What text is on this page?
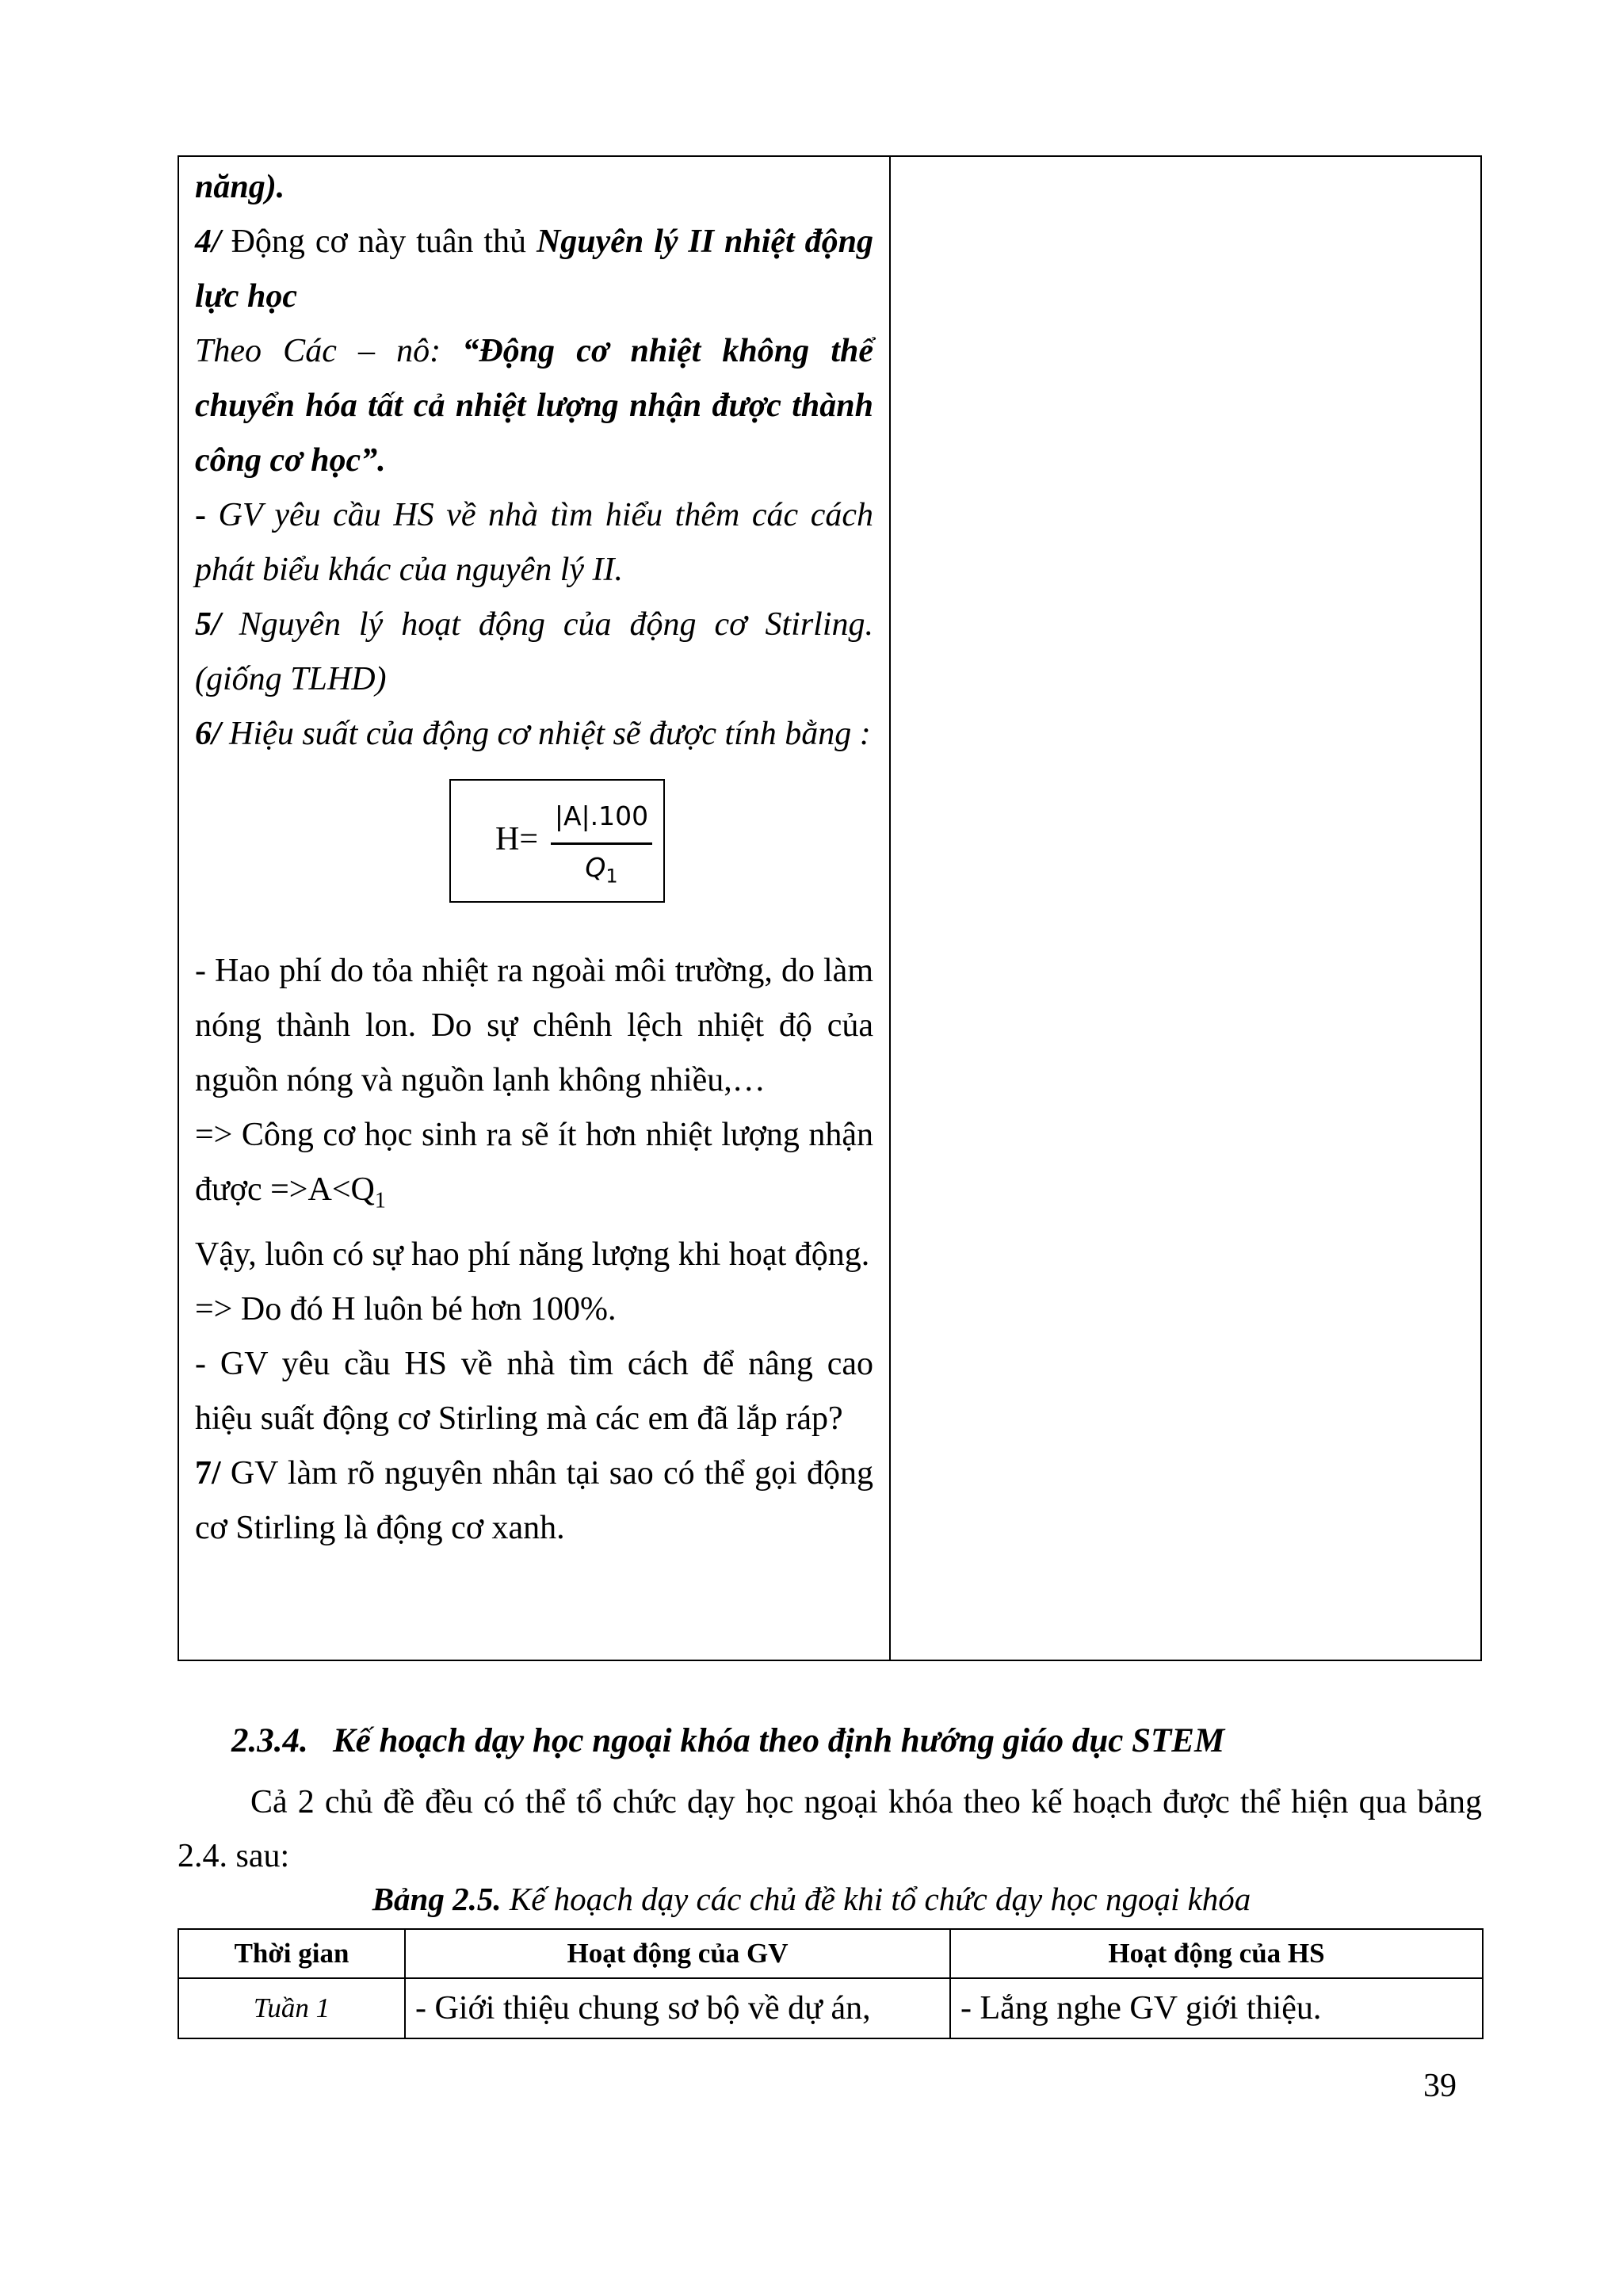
năng).

4/ Động cơ này tuân thủ Nguyên lý II nhiệt động lực học

Theo Các – nô: “Động cơ nhiệt không thể chuyển hóa tất cả nhiệt lượng nhận được thành công cơ học”.

- GV yêu cầu HS về nhà tìm hiểu thêm các cách phát biểu khác của nguyên lý II.

5/ Nguyên lý hoạt động của động cơ Stirling. (giống TLHD)

6/ Hiệu suất của động cơ nhiệt sẽ được tính bằng :

H=
|A|.100
$Q_1$

- Hao phí do tỏa nhiệt ra ngoài môi trường, do làm nóng thành lon. Do sự chênh lệch nhiệt độ của nguồn nóng và nguồn lạnh không nhiều,…

=> Công cơ học sinh ra sẽ ít hơn nhiệt lượng nhận được $=>A<Q_1$

Vậy, luôn có sự hao phí năng lượng khi hoạt động.

=> Do đó H luôn bé hơn 100%.

- GV yêu cầu HS về nhà tìm cách để nâng cao hiệu suất động cơ Stirling mà các em đã lắp ráp?

7/ GV làm rõ nguyên nhân tại sao có thể gọi động cơ Stirling là động cơ xanh.

2.3.4. Kế hoạch dạy học ngoại khóa theo định hướng giáo dục STEM

Cả 2 chủ đề đều có thể tổ chức dạy học ngoại khóa theo kế hoạch được thể hiện qua bảng 2.4. sau:

Bảng 2.5. Kế hoạch dạy các chủ đề khi tổ chức dạy học ngoại khóa
Thời gian	Hoạt động của GV	Hoạt động của HS
Tuần 1	- Giới thiệu chung sơ bộ về dự án,	- Lắng nghe GV giới thiệu.
39
